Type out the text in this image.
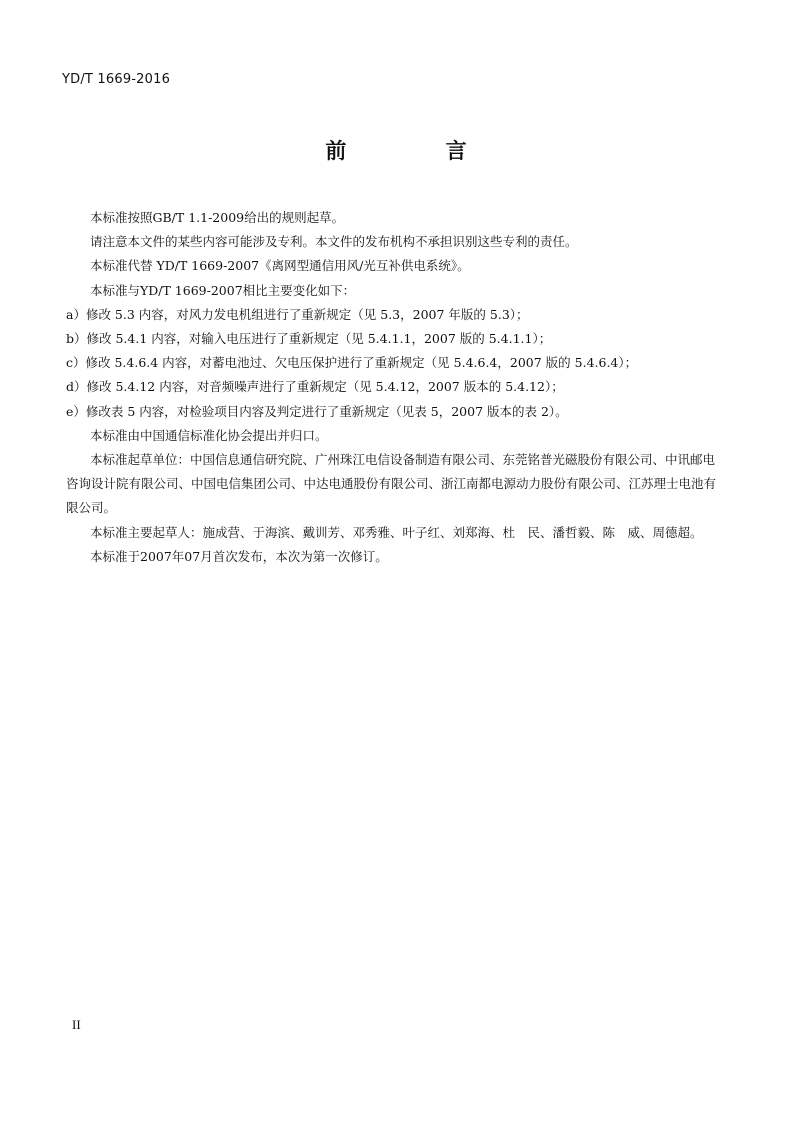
YD/T 1669-2016
前 言

本标准按照GB/T 1.1-2009给出的规则起草。

请注意本文件的某些内容可能涉及专利。本文件的发布机构不承担识别这些专利的责任。

本标准代替 YD/T 1669-2007《离网型通信用风/光互补供电系统》。

本标准与YD/T 1669-2007相比主要变化如下：

a）修改 5.3 内容，对风力发电机组进行了重新规定（见 5.3，2007 年版的 5.3）；

b）修改 5.4.1 内容，对输入电压进行了重新规定（见 5.4.1.1，2007 版的 5.4.1.1）；

c）修改 5.4.6.4 内容，对蓄电池过、欠电压保护进行了重新规定（见 5.4.6.4，2007 版的 5.4.6.4）；

d）修改 5.4.12 内容，对音频噪声进行了重新规定（见 5.4.12，2007 版本的 5.4.12）；

e）修改表 5 内容，对检验项目内容及判定进行了重新规定（见表 5，2007 版本的表 2）。

本标准由中国通信标准化协会提出并归口。

本标准起草单位：中国信息通信研究院、广州珠江电信设备制造有限公司、东莞铭普光磁股份有限公司、中讯邮电咨询设计院有限公司、中国电信集团公司、中达电通股份有限公司、浙江南都电源动力股份有限公司、江苏理士电池有限公司。

本标准主要起草人：施成营、于海滨、戴训芳、邓秀雅、叶子红、刘郑海、杜　民、潘哲毅、陈　威、周德超。

本标准于2007年07月首次发布，本次为第一次修订。

II
